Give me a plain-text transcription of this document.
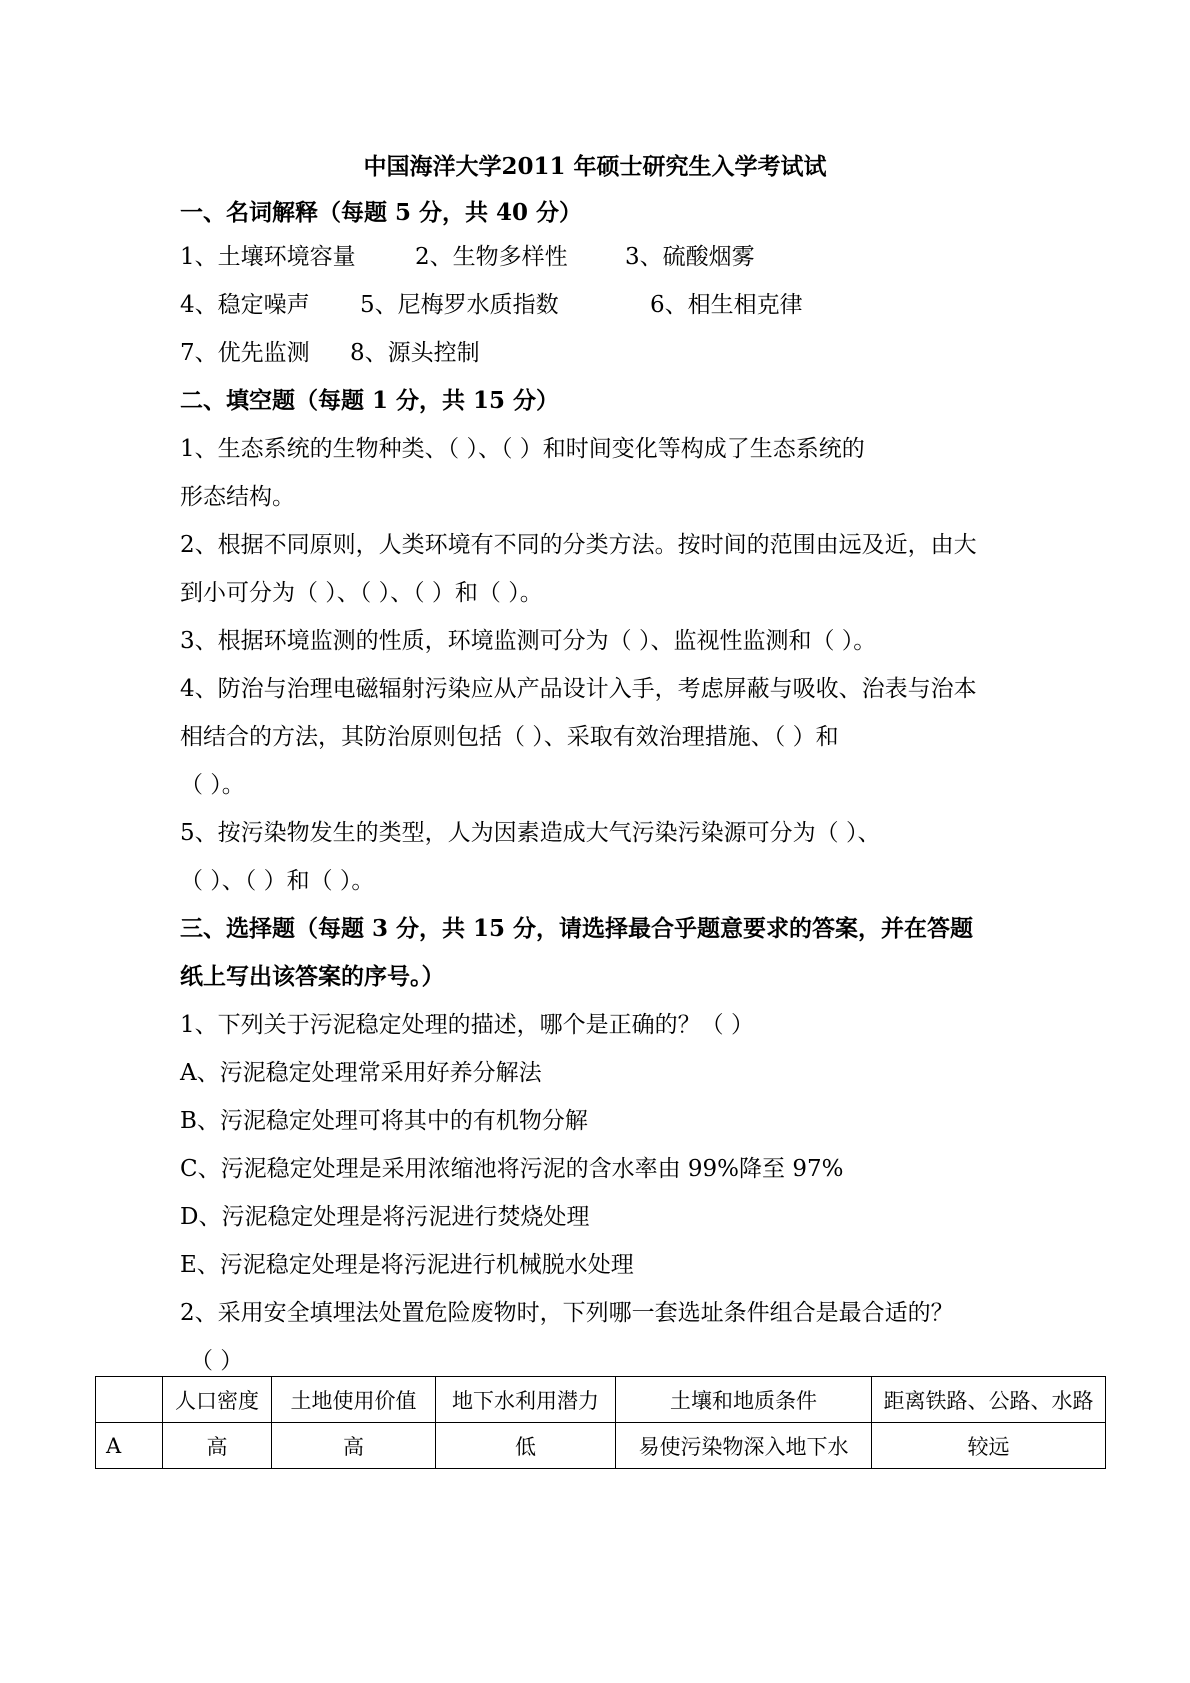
中国海洋大学2011 年硕士研究生入学考试试
一、名词解释（每题 5 分，共 40 分）
1、土壤环境容量	2、生物多样性 3、硫酸烟雾
4、稳定噪声 5、尼梅罗水质指数	6、相生相克律
7、优先监测 8、源头控制
二、填空题（每题 1 分，共 15 分）
1、生态系统的生物种类、（ ）、（ ）和时间变化等构成了生态系统的
形态结构。
2、根据不同原则，人类环境有不同的分类方法。按时间的范围由远及近，由大
到小可分为（ ）、（ ）、（ ）和（ ）。
3、根据环境监测的性质，环境监测可分为（ ）、监视性监测和（ ）。
4、防治与治理电磁辐射污染应从产品设计入手，考虑屏蔽与吸收、治表与治本
相结合的方法，其防治原则包括（ ）、采取有效治理措施、（ ）和
（ ）。
5、按污染物发生的类型，人为因素造成大气污染污染源可分为（ ）、
（ ）、（ ）和（ ）。
三、选择题（每题 3 分，共 15 分，请选择最合乎题意要求的答案，并在答题
纸上写出该答案的序号。）
1、下列关于污泥稳定处理的描述，哪个是正确的？（ ）
A、污泥稳定处理常采用好养分解法
B、污泥稳定处理可将其中的有机物分解
C、污泥稳定处理是采用浓缩池将污泥的含水率由 99%降至 97%
D、污泥稳定处理是将污泥进行焚烧处理
E、污泥稳定处理是将污泥进行机械脱水处理
2、采用安全填埋法处置危险废物时，下列哪一套选址条件组合是最合适的？
（ ）
	人口密度	土地使用价值	地下水利用潜力	土壤和地质条件	距离铁路、公路、水路
A	高	高	低	易使污染物深入地下水	较远
